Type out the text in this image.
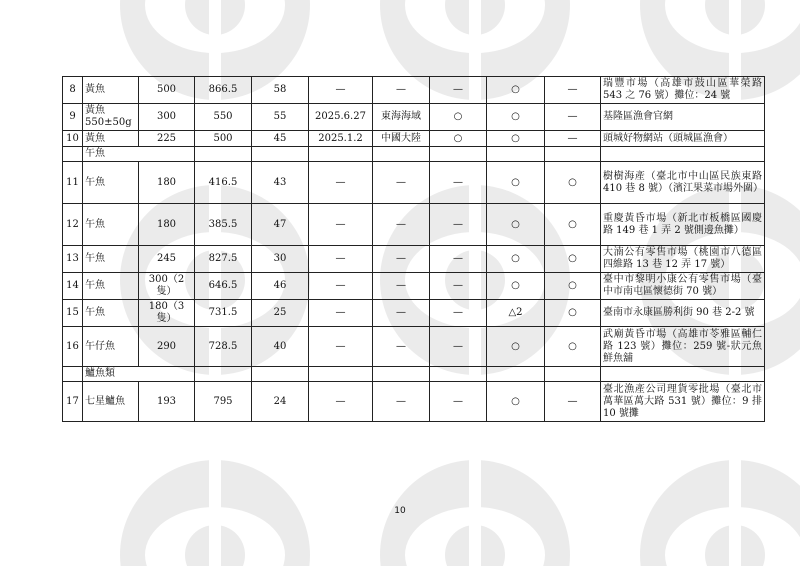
8	黃魚	500	866.5	58	—	—	—	○	—	瑞豐市場（高雄市鼓山區華榮路 543 之 76 號）攤位：24 號
9	黃魚 550±50g	300	550	55	2025.6.27	東海海域	○	○	—	基隆區漁會官網
10	黃魚	225	500	45	2025.1.2	中國大陸	○	○	—	頭城好物網站（頭城區漁會）
	午魚									
11	午魚	180	416.5	43	—	—	—	○	○	樹樹海產（臺北市中山區民族東路 410 巷 8 號）（濱江果菜市場外圍）
12	午魚	180	385.5	47	—	—	—	○	○	重慶黃昏市場（新北市板橋區國慶路 149 巷 1 弄 2 號側邊魚攤）
13	午魚	245	827.5	30	—	—	—	○	○	大湳公有零售市場（桃園市八德區四維路 13 巷 12 弄 17 號）
14	午魚	300（2 隻）	646.5	46	—	—	—	○	○	臺中市黎明小康公有零售市場（臺中市南屯區懷德街 70 號）
15	午魚	180（3 隻）	731.5	25	—	—	—	△2	○	臺南市永康區勝利街 90 巷 2-2 號
16	午仔魚	290	728.5	40	—	—	—	○	○	武廟黃昏市場（高雄市苓雅區輔仁路 123 號）攤位：259 號-狀元魚鮮魚舖
	鱸魚類									
17	七星鱸魚	193	795	24	—	—	—	○	—	臺北漁產公司理貨零批場（臺北市萬華區萬大路 531 號）攤位：9 排 10 號攤
10
